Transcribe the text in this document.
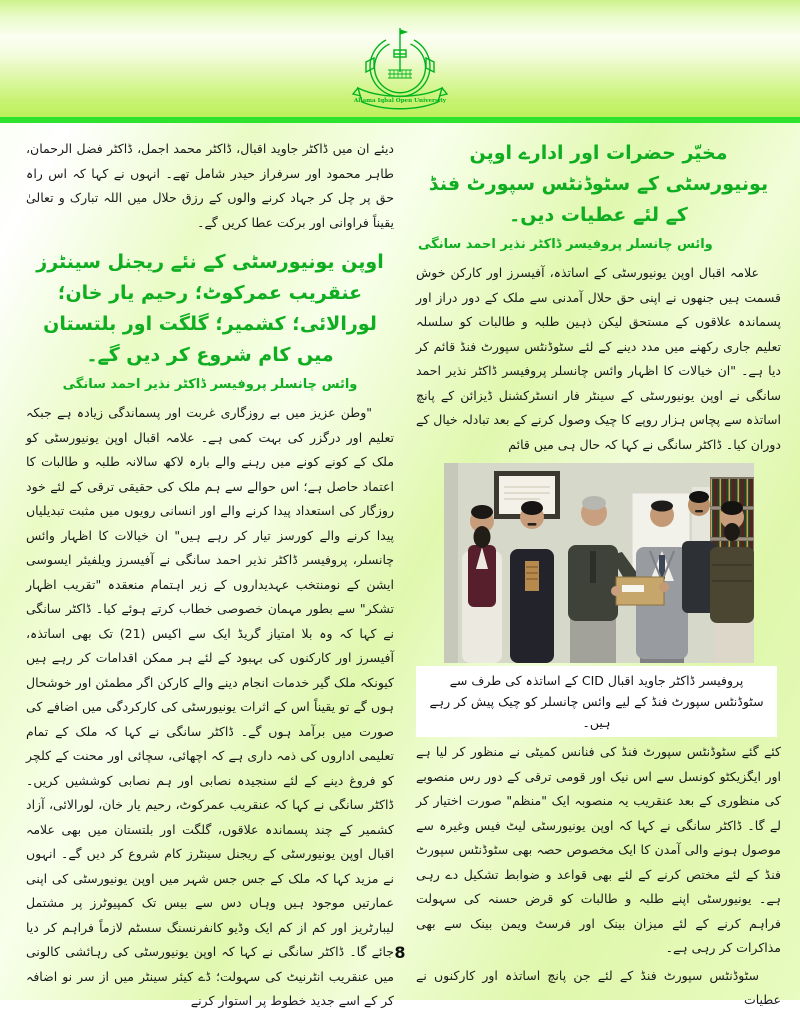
Allama Iqbal Open University
مخیّر حضرات اور ادارے اوپن یونیورسٹی کے سٹوڈنٹس سپورٹ فنڈ کے لئے عطیات دیں۔
وائس چانسلر پروفیسر ڈاکٹر نذیر احمد سانگی

علامہ اقبال اوپن یونیورسٹی کے اساتذہ، آفیسرز اور کارکن خوش قسمت ہیں جنھوں نے اپنی حق حلال آمدنی سے ملک کے دور دراز اور پسماندہ علاقوں کے مستحق لیکن ذہین طلبہ و طالبات کو سلسلہ تعلیم جاری رکھنے میں مدد دینے کے لئے سٹوڈنٹس سپورٹ فنڈ قائم کر دیا ہے۔ "ان خیالات کا اظہار وائس چانسلر پروفیسر ڈاکٹر نذیر احمد سانگی نے اوپن یونیورسٹی کے سینٹر فار انسٹرکشنل ڈیزائن کے پانچ اساتذہ سے پچاس ہزار روپے کا چیک وصول کرنے کے بعد تبادلہ خیال کے دوران کیا۔ ڈاکٹر سانگی نے کہا کہ حال ہی میں قائم

پروفیسر ڈاکٹر جاوید اقبال CID کے اساتذہ کی طرف سے سٹوڈنٹس سپورٹ فنڈ کے لیے وائس چانسلر کو چیک پیش کر رہے ہیں۔

کئے گئے سٹوڈنٹس سپورٹ فنڈ کی فنانس کمیٹی نے منظور کر لیا ہے اور ایگزیکٹو کونسل سے اس نیک اور قومی ترقی کے دور رس منصوبے کی منظوری کے بعد عنقریب یہ منصوبہ ایک "منظم" صورت اختیار کر لے گا۔ ڈاکٹر سانگی نے کہا کہ اوپن یونیورسٹی لیٹ فیس وغیرہ سے موصول ہونے والی آمدن کا ایک مخصوص حصہ بھی سٹوڈنٹس سپورٹ فنڈ کے لئے مختص کرنے کے لئے بھی قواعد و ضوابط تشکیل دے رہی ہے۔ یونیورسٹی اپنے طلبہ و طالبات کو قرض حسنہ کی سہولت فراہم کرنے کے لئے میزان بینک اور فرسٹ ویمن بینک سے بھی مذاکرات کر رہی ہے۔

سٹوڈنٹس سپورٹ فنڈ کے لئے جن پانچ اساتذہ اور کارکنوں نے عطیات

دیئے ان میں ڈاکٹر جاوید اقبال، ڈاکٹر محمد اجمل، ڈاکٹر فضل الرحمان، طاہر محمود اور سرفراز حیدر شامل تھے۔ انہوں نے کہا کہ اس راہ حق پر چل کر جہاد کرنے والوں کے رزق حلال میں اللہ تبارک و تعالیٰ یقیناً فراوانی اور برکت عطا کریں گے۔

اوپن یونیورسٹی کے نئے ریجنل سینٹرز عنقریب عمرکوٹ؛ رحیم یار خان؛ لورالائی؛ کشمیر؛ گلگت اور بلتستان میں کام شروع کر دیں گے۔
وائس چانسلر پروفیسر ڈاکٹر نذیر احمد سانگی

"وطن عزیز میں بے روزگاری غربت اور پسماندگی زیادہ ہے جبکہ تعلیم اور درگزر کی بہت کمی ہے۔ علامہ اقبال اوپن یونیورسٹی کو ملک کے کونے کونے میں رہنے والے بارہ لاکھ سالانہ طلبہ و طالبات کا اعتماد حاصل ہے؛ اس حوالے سے ہم ملک کی حقیقی ترقی کے لئے خود روزگار کی استعداد پیدا کرنے والے اور انسانی رویوں میں مثبت تبدیلیاں پیدا کرنے والے کورسز تیار کر رہے ہیں" ان خیالات کا اظہار وائس چانسلر، پروفیسر ڈاکٹر نذیر احمد سانگی نے آفیسرز ویلفیئر ایسوسی ایشن کے نومنتخب عہدیداروں کے زیر اہتمام منعقدہ "تقریب اظہار تشکر" سے بطور مہمان خصوصی خطاب کرتے ہوئے کیا۔ ڈاکٹر سانگی نے کہا کہ وہ بلا امتیاز گریڈ ایک سے اکیس (21) تک بھی اساتذہ، آفیسرز اور کارکنوں کی بہبود کے لئے ہر ممکن اقدامات کر رہے ہیں کیونکہ ملک گیر خدمات انجام دینے والے کارکن اگر مطمئن اور خوشحال ہوں گے تو یقیناً اس کے اثرات یونیورسٹی کی کارکردگی میں اضافے کی صورت میں برآمد ہوں گے۔ ڈاکٹر سانگی نے کہا کہ ملک کے تمام تعلیمی اداروں کی ذمہ داری ہے کہ اچھائی، سچائی اور محنت کے کلچر کو فروغ دینے کے لئے سنجیدہ نصابی اور ہم نصابی کوششیں کریں۔ ڈاکٹر سانگی نے کہا کہ عنقریب عمرکوٹ، رحیم یار خان، لورالائی، آزاد کشمیر کے چند پسماندہ علاقوں، گلگت اور بلتستان میں بھی علامہ اقبال اوپن یونیورسٹی کے ریجنل سینٹرز کام شروع کر دیں گے۔ انہوں نے مزید کہا کہ ملک کے جس جس شہر میں اوپن یونیورسٹی کی اپنی عمارتیں موجود ہیں وہاں دس سے بیس تک کمپیوٹرز پر مشتمل لیبارٹریز اور کم از کم ایک وڈیو کانفرنسنگ سسٹم لازماً فراہم کر دیا جائے گا۔ ڈاکٹر سانگی نے کہا کہ اوپن یونیورسٹی کی رہائشی کالونی میں عنقریب انٹرنیٹ کی سہولت؛ ڈے کیئر سینٹر میں از سر نو اضافہ کر کے اسے جدید خطوط پر استوار کرنے

8
